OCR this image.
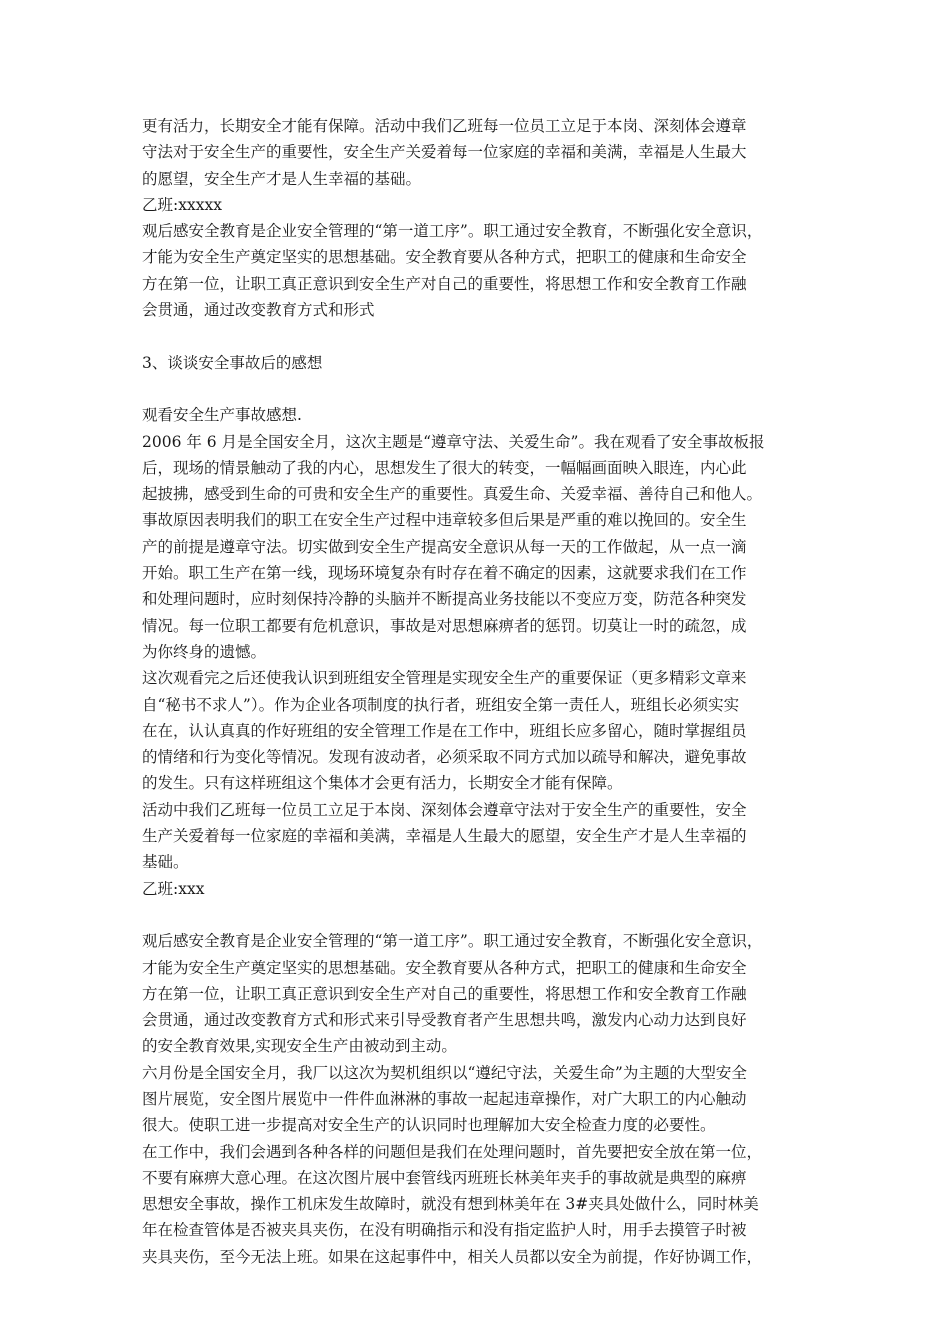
更有活力，长期安全才能有保障。活动中我们乙班每一位员工立足于本岗、深刻体会遵章
守法对于安全生产的重要性，安全生产关爱着每一位家庭的幸福和美满，幸福是人生最大
的愿望，安全生产才是人生幸福的基础。
乙班:xxxxx
观后感安全教育是企业安全管理的“第一道工序”。职工通过安全教育，不断强化安全意识，
才能为安全生产奠定坚实的思想基础。安全教育要从各种方式，把职工的健康和生命安全
方在第一位，让职工真正意识到安全生产对自己的重要性，将思想工作和安全教育工作融
会贯通，通过改变教育方式和形式
3、谈谈安全事故后的感想
观看安全生产事故感想.
2006 年 6 月是全国安全月，这次主题是“遵章守法、关爱生命”。我在观看了安全事故板报
后，现场的情景触动了我的内心，思想发生了很大的转变，一幅幅画面映入眼连，内心此
起披拂，感受到生命的可贵和安全生产的重要性。真爱生命、关爱幸福、善待自己和他人。
事故原因表明我们的职工在安全生产过程中违章较多但后果是严重的难以挽回的。安全生
产的前提是遵章守法。切实做到安全生产提高安全意识从每一天的工作做起，从一点一滴
开始。职工生产在第一线，现场环境复杂有时存在着不确定的因素，这就要求我们在工作
和处理问题时，应时刻保持冷静的头脑并不断提高业务技能以不变应万变，防范各种突发
情况。每一位职工都要有危机意识，事故是对思想麻痹者的惩罚。切莫让一时的疏忽，成
为你终身的遗憾。
这次观看完之后还使我认识到班组安全管理是实现安全生产的重要保证（更多精彩文章来
自“秘书不求人”）。作为企业各项制度的执行者，班组安全第一责任人，班组长必须实实
在在，认认真真的作好班组的安全管理工作是在工作中，班组长应多留心，随时掌握组员
的情绪和行为变化等情况。发现有波动者，必须采取不同方式加以疏导和解决，避免事故
的发生。只有这样班组这个集体才会更有活力，长期安全才能有保障。
活动中我们乙班每一位员工立足于本岗、深刻体会遵章守法对于安全生产的重要性，安全
生产关爱着每一位家庭的幸福和美满，幸福是人生最大的愿望，安全生产才是人生幸福的
基础。
乙班:xxx
观后感安全教育是企业安全管理的“第一道工序”。职工通过安全教育，不断强化安全意识，
才能为安全生产奠定坚实的思想基础。安全教育要从各种方式，把职工的健康和生命安全
方在第一位，让职工真正意识到安全生产对自己的重要性，将思想工作和安全教育工作融
会贯通，通过改变教育方式和形式来引导受教育者产生思想共鸣，激发内心动力达到良好
的安全教育效果,实现安全生产由被动到主动。
六月份是全国安全月，我厂以这次为契机组织以“遵纪守法，关爱生命”为主题的大型安全
图片展览，安全图片展览中一件件血淋淋的事故一起起违章操作，对广大职工的内心触动
很大。使职工进一步提高对安全生产的认识同时也理解加大安全检查力度的必要性。
在工作中，我们会遇到各种各样的问题但是我们在处理问题时，首先要把安全放在第一位，
不要有麻痹大意心理。在这次图片展中套管线丙班班长林美年夹手的事故就是典型的麻痹
思想安全事故，操作工机床发生故障时，就没有想到林美年在 3#夹具处做什么，同时林美
年在检查管体是否被夹具夹伤，在没有明确指示和没有指定监护人时，用手去摸管子时被
夹具夹伤，至今无法上班。如果在这起事件中，相关人员都以安全为前提，作好协调工作，
